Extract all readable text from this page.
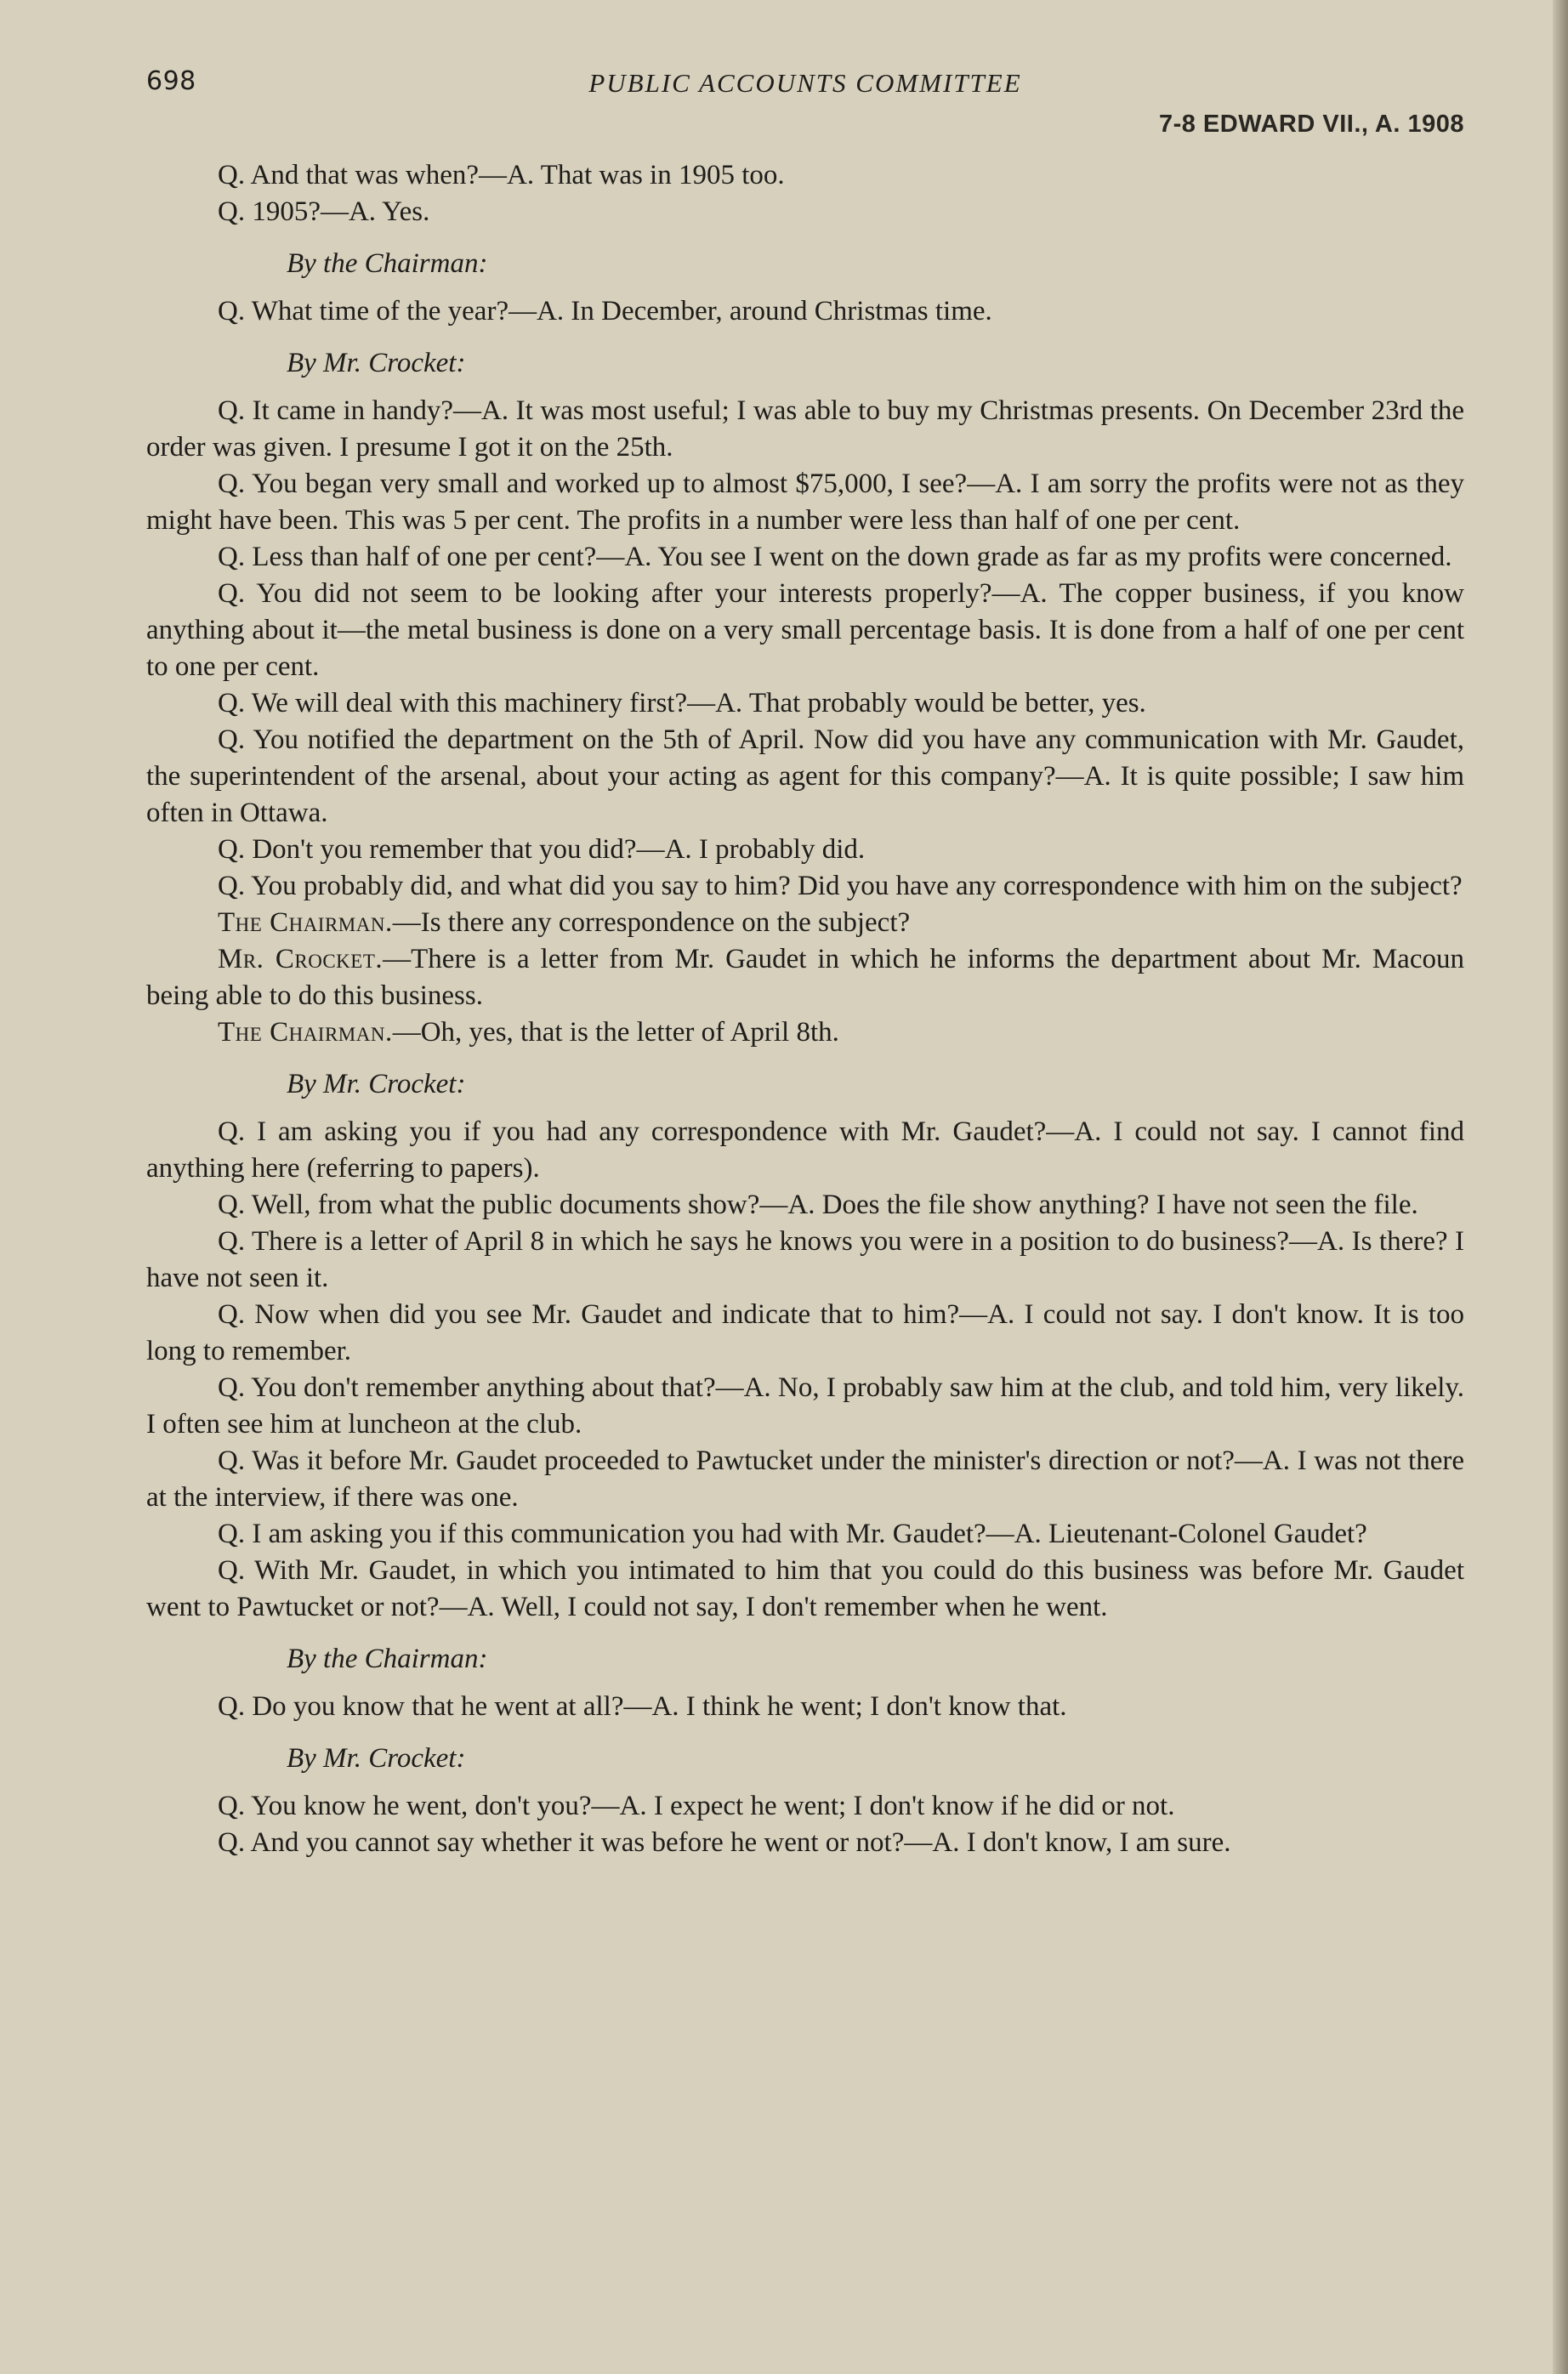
698	PUBLIC ACCOUNTS COMMITTEE
7-8 EDWARD VII., A. 1908

Q. And that was when?—A. That was in 1905 too.

Q. 1905?—A. Yes.

By the Chairman:

Q. What time of the year?—A. In December, around Christmas time.

By Mr. Crocket:

Q. It came in handy?—A. It was most useful; I was able to buy my Christmas presents. On December 23rd the order was given. I presume I got it on the 25th.

Q. You began very small and worked up to almost $75,000, I see?—A. I am sorry the profits were not as they might have been. This was 5 per cent. The profits in a number were less than half of one per cent.

Q. Less than half of one per cent?—A. You see I went on the down grade as far as my profits were concerned.

Q. You did not seem to be looking after your interests properly?—A. The copper business, if you know anything about it—the metal business is done on a very small percentage basis. It is done from a half of one per cent to one per cent.

Q. We will deal with this machinery first?—A. That probably would be better, yes.

Q. You notified the department on the 5th of April. Now did you have any communication with Mr. Gaudet, the superintendent of the arsenal, about your acting as agent for this company?—A. It is quite possible; I saw him often in Ottawa.

Q. Don't you remember that you did?—A. I probably did.

Q. You probably did, and what did you say to him? Did you have any correspondence with him on the subject?

The Chairman.—Is there any correspondence on the subject?

Mr. Crocket.—There is a letter from Mr. Gaudet in which he informs the department about Mr. Macoun being able to do this business.

The Chairman.—Oh, yes, that is the letter of April 8th.

By Mr. Crocket:

Q. I am asking you if you had any correspondence with Mr. Gaudet?—A. I could not say. I cannot find anything here (referring to papers).

Q. Well, from what the public documents show?—A. Does the file show anything? I have not seen the file.

Q. There is a letter of April 8 in which he says he knows you were in a position to do business?—A. Is there? I have not seen it.

Q. Now when did you see Mr. Gaudet and indicate that to him?—A. I could not say. I don't know. It is too long to remember.

Q. You don't remember anything about that?—A. No, I probably saw him at the club, and told him, very likely. I often see him at luncheon at the club.

Q. Was it before Mr. Gaudet proceeded to Pawtucket under the minister's direction or not?—A. I was not there at the interview, if there was one.

Q. I am asking you if this communication you had with Mr. Gaudet?—A. Lieutenant-Colonel Gaudet?

Q. With Mr. Gaudet, in which you intimated to him that you could do this business was before Mr. Gaudet went to Pawtucket or not?—A. Well, I could not say, I don't remember when he went.

By the Chairman:

Q. Do you know that he went at all?—A. I think he went; I don't know that.

By Mr. Crocket:

Q. You know he went, don't you?—A. I expect he went; I don't know if he did or not.

Q. And you cannot say whether it was before he went or not?—A. I don't know, I am sure.
